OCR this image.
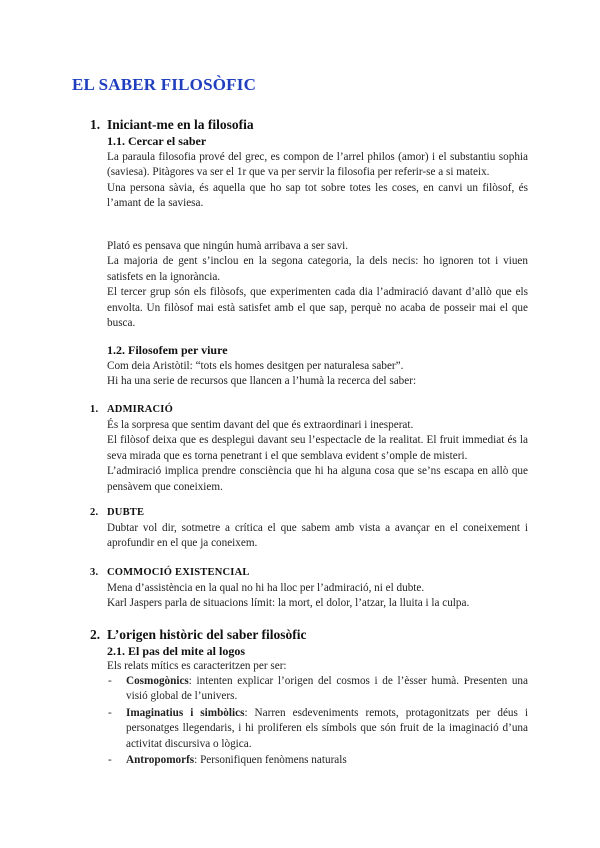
EL SABER FILOSÒFIC
1. Iniciant-me en la filosofia
1.1. Cercar el saber

La paraula filosofia prové del grec, es compon de l’arrel philos (amor) i el substantiu sophia (saviesa). Pitàgores va ser el 1r que va per servir la filosofia per referir-se a si mateix.

Una persona sàvia, és aquella que ho sap tot sobre totes les coses, en canvi un filòsof, és l’amant de la saviesa.

Plató es pensava que ningún humà arribava a ser savi.

La majoria de gent s’inclou en la segona categoria, la dels necis: ho ignoren tot i viuen satisfets en la ignorància.

El tercer grup són els filòsofs, que experimenten cada dia l’admiració davant d’allò que els envolta. Un filòsof mai està satisfet amb el que sap, perquè no acaba de posseir mai el que busca.

1.2. Filosofem per viure

Com deia Aristòtil: “tots els homes desitgen per naturalesa saber”.

Hi ha una serie de recursos que llancen a l’humà la recerca del saber:

1. ADMIRACIÓ

És la sorpresa que sentim davant del que és extraordinari i inesperat.

El filòsof deixa que es desplegui davant seu l’espectacle de la realitat. El fruit immediat és la seva mirada que es torna penetrant i el que semblava evident s’omple de misteri.

L’admiració implica prendre consciència que hi ha alguna cosa que se’ns escapa en allò que pensàvem que coneixiem.

2. DUBTE

Dubtar vol dir, sotmetre a crítica el que sabem amb vista a avançar en el coneixement i aprofundir en el que ja coneixem.

3. COMMOCIÓ EXISTENCIAL

Mena d’assistència en la qual no hi ha lloc per l’admiració, ni el dubte.

Karl Jaspers parla de situacions límit: la mort, el dolor, l’atzar, la lluita i la culpa.

2. L’origen històric del saber filosòfic
2.1. El pas del mite al logos

Els relats mítics es caracteritzen per ser:

- Cosmogònics: intenten explicar l’origen del cosmos i de l’èsser humà. Presenten una visió global de l’univers.
- Imaginatius i simbòlics: Narren esdeveniments remots, protagonitzats per déus i personatges llegendaris, i hi proliferen els símbols que són fruit de la imaginació d’una activitat discursiva o lògica.
- Antropomorfs: Personifiquen fenòmens naturals
